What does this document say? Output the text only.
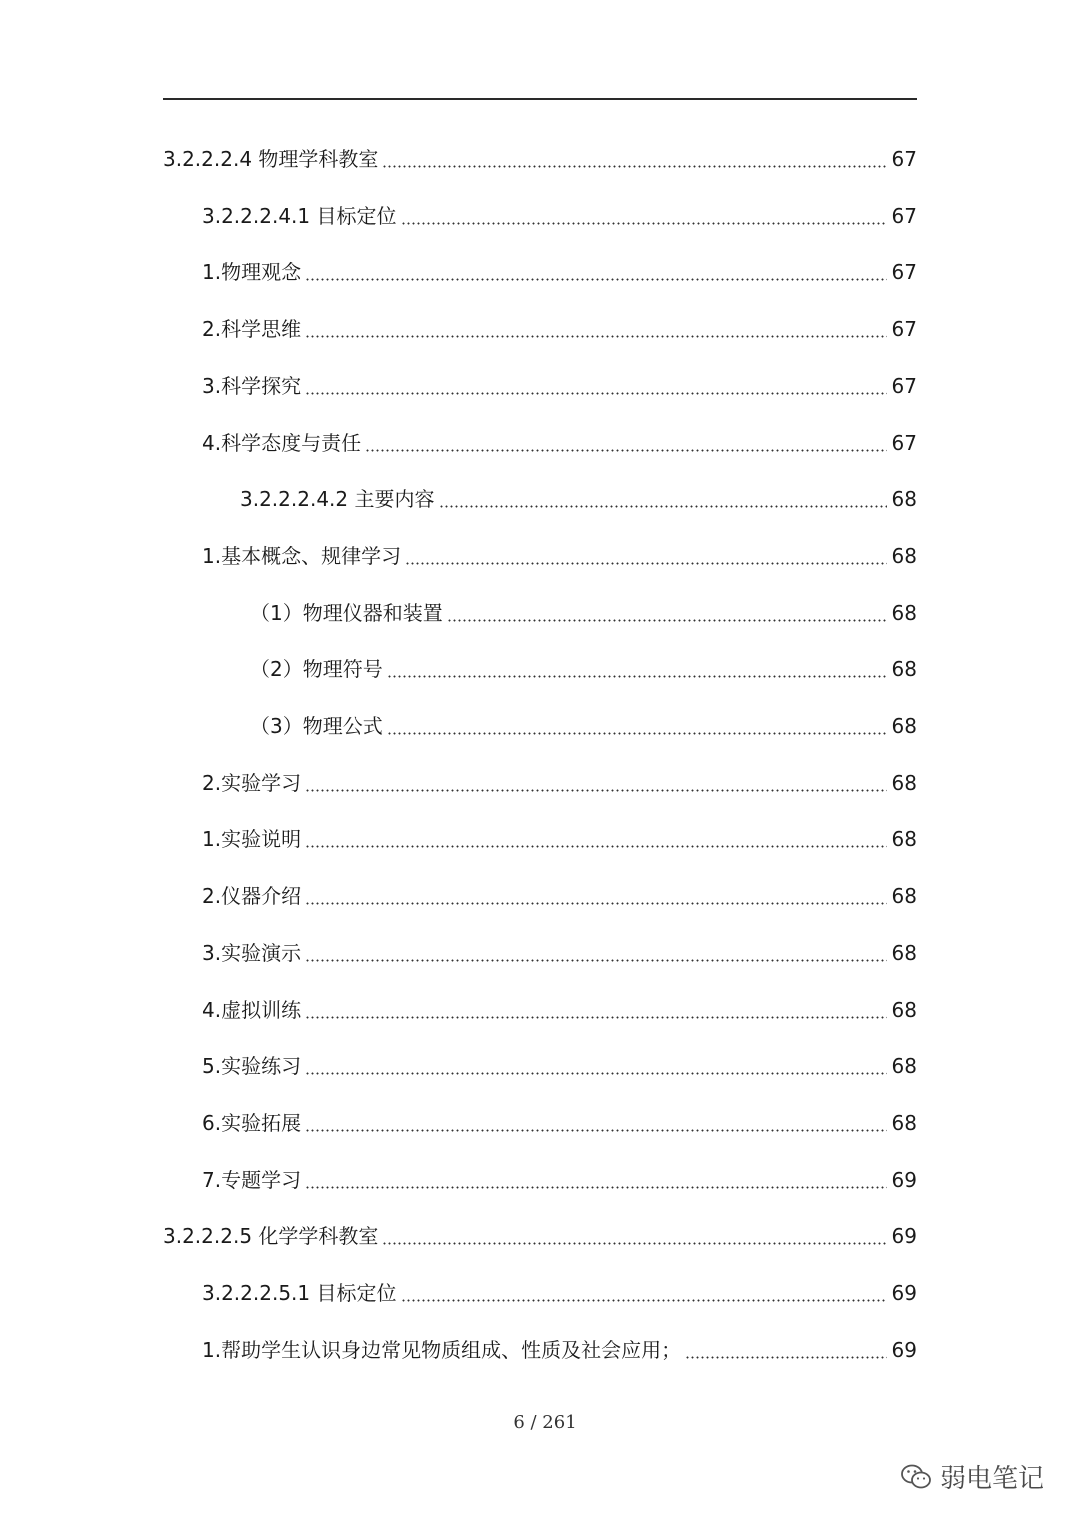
3.2.2.2.4 物理学科教室	67
3.2.2.2.4.1 目标定位	67
1.物理观念	67
2.科学思维	67
3.科学探究	67
4.科学态度与责任	67
3.2.2.2.4.2 主要内容	68
1.基本概念、规律学习	68
（1）物理仪器和装置	68
（2）物理符号	68
（3）物理公式	68
2.实验学习	68
1.实验说明	68
2.仪器介绍	68
3.实验演示	68
4.虚拟训练	68
5.实验练习	68
6.实验拓展	68
7.专题学习	69
3.2.2.2.5 化学学科教室	69
3.2.2.2.5.1 目标定位	69
1.帮助学生认识身边常见物质组成、性质及社会应用；	69
6 / 261
弱电笔记
